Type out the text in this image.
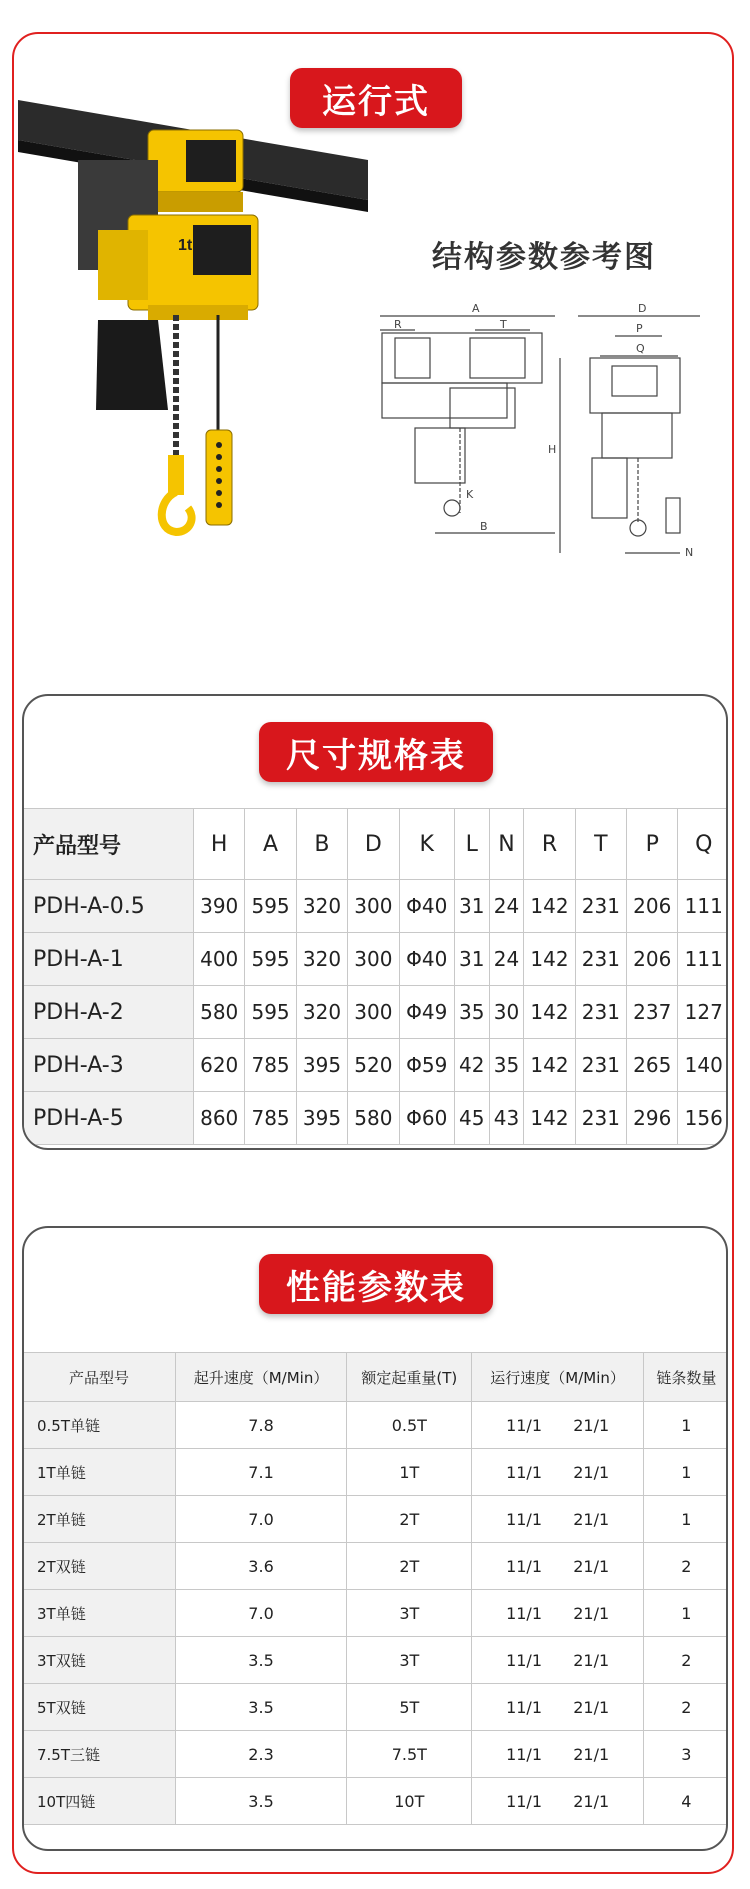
运行式
1t	结构参数参考图
A
R	T
K
B
D
P
Q
H
N
产品型号	H	A	B	D	K	L	N	R	T	P	Q
PDH-A-0.5	390	595	320	300	Φ40	31	24	142	231	206	111
PDH-A-1	400	595	320	300	Φ40	31	24	142	231	206	111
PDH-A-2	580	595	320	300	Φ49	35	30	142	231	237	127
PDH-A-3	620	785	395	520	Φ59	42	35	142	231	265	140
PDH-A-5	860	785	395	580	Φ60	45	43	142	231	296	156
尺寸规格表
产品型号	起升速度（M/Min）	额定起重量(T)	运行速度（M/Min）	链条数量
0.5T单链	7.8	0.5T	11/1 21/1	1
1T单链	7.1	1T	11/1 21/1	1
2T单链	7.0	2T	11/1 21/1	1
2T双链	3.6	2T	11/1 21/1	2
3T单链	7.0	3T	11/1 21/1	1
3T双链	3.5	3T	11/1 21/1	2
5T双链	3.5	5T	11/1 21/1	2
7.5T三链	2.3	7.5T	11/1 21/1	3
10T四链	3.5	10T	11/1 21/1	4
性能参数表
